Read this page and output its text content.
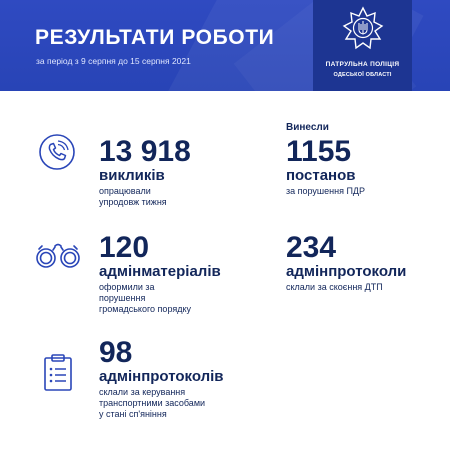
РЕЗУЛЬТАТИ РОБОТИ
за період з 9 серпня до 15 серпня 2021	ПАТРУЛЬНА ПОЛІЦІЯ
ОДЕСЬКОЇ ОБЛАСТІ
13 918
викликів
опрацювали
упродовж тижня
Винесли
1155
постанов
за порушення ПДР
120
адмінматеріалів
оформили за
порушення
громадського порядку
234
адмінпротоколи
склали за скоєння ДТП
98
адмінпротоколів
склали за керування
транспортними засобами
у стані сп'яніння
